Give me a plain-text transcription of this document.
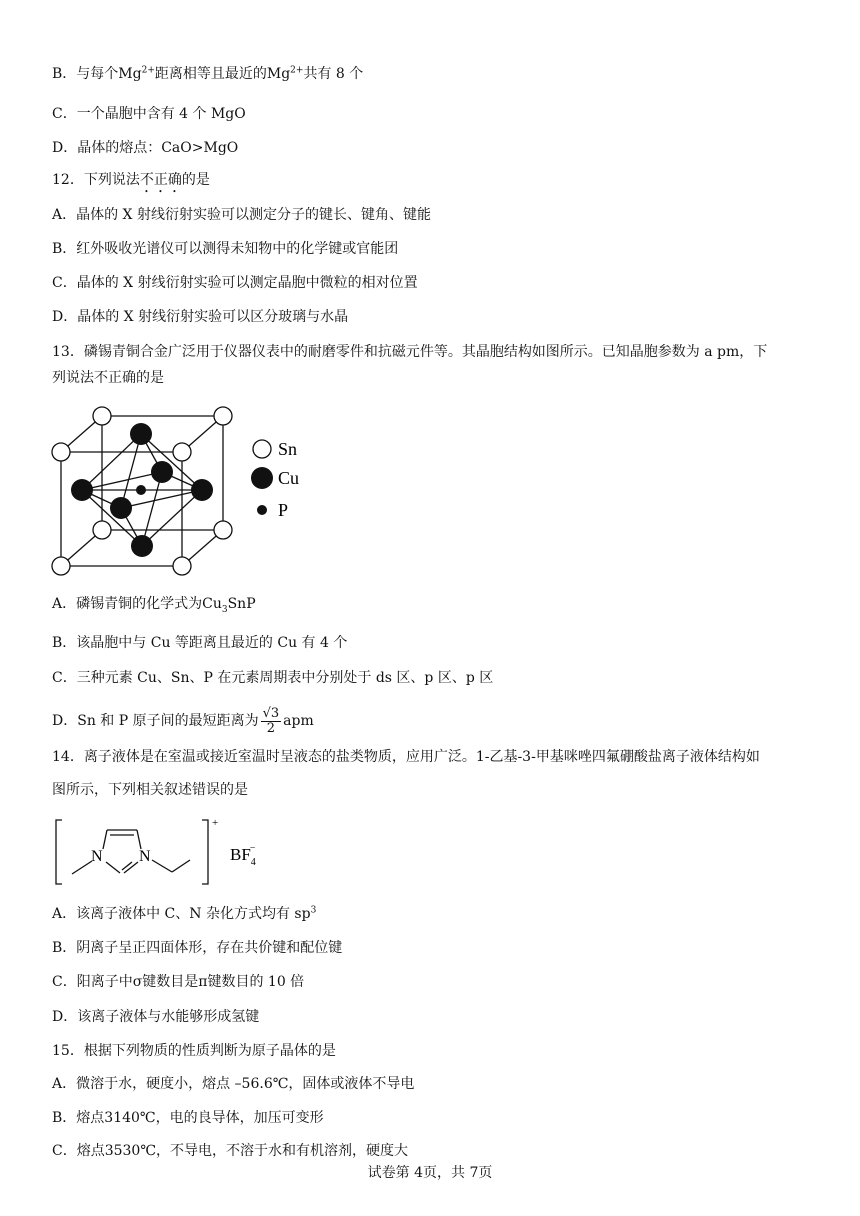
B．与每个$Mg^{2+}$距离相等且最近的$Mg^{2+}$共有 8 个
C．一个晶胞中含有 4 个 MgO
D．晶体的熔点：CaO>MgO
12．下列说法不正确的是
A．晶体的 X 射线衍射实验可以测定分子的键长、键角、键能
B．红外吸收光谱仪可以测得未知物中的化学键或官能团
C．晶体的 X 射线衍射实验可以测定晶胞中微粒的相对位置
D．晶体的 X 射线衍射实验可以区分玻璃与水晶
13．磷锡青铜合金广泛用于仪器仪表中的耐磨零件和抗磁元件等。其晶胞结构如图所示。已知晶胞参数为 a pm，下
列说法不正确的是
Sn
Cu
P
A．磷锡青铜的化学式为$Cu_3SnP$
B．该晶胞中与 Cu 等距离且最近的 Cu 有 4 个
C．三种元素 Cu、Sn、P 在元素周期表中分别处于 ds 区、p 区、p 区
D．Sn 和 P 原子间的最短距离为 $\frac{√3}{2}$ apm
14．离子液体是在室温或接近室温时呈液态的盐类物质，应用广泛。1-乙基-3-甲基咪唑四氟硼酸盐离子液体结构如
图所示，下列相关叙述错误的是
N N
+
$BF_4-$
A．该离子液体中 C、N 杂化方式均有 $sp^3$
B．阴离子呈正四面体形，存在共价键和配位键
C．阳离子中σ键数目是π键数目的 10 倍
D．该离子液体与水能够形成氢键
15．根据下列物质的性质判断为原子晶体的是
A．微溶于水，硬度小，熔点 –56.6℃，固体或液体不导电
B．熔点3140℃，电的良导体，加压可变形
C．熔点3530℃，不导电，不溶于水和有机溶剂，硬度大
试卷第 4页，共 7页
